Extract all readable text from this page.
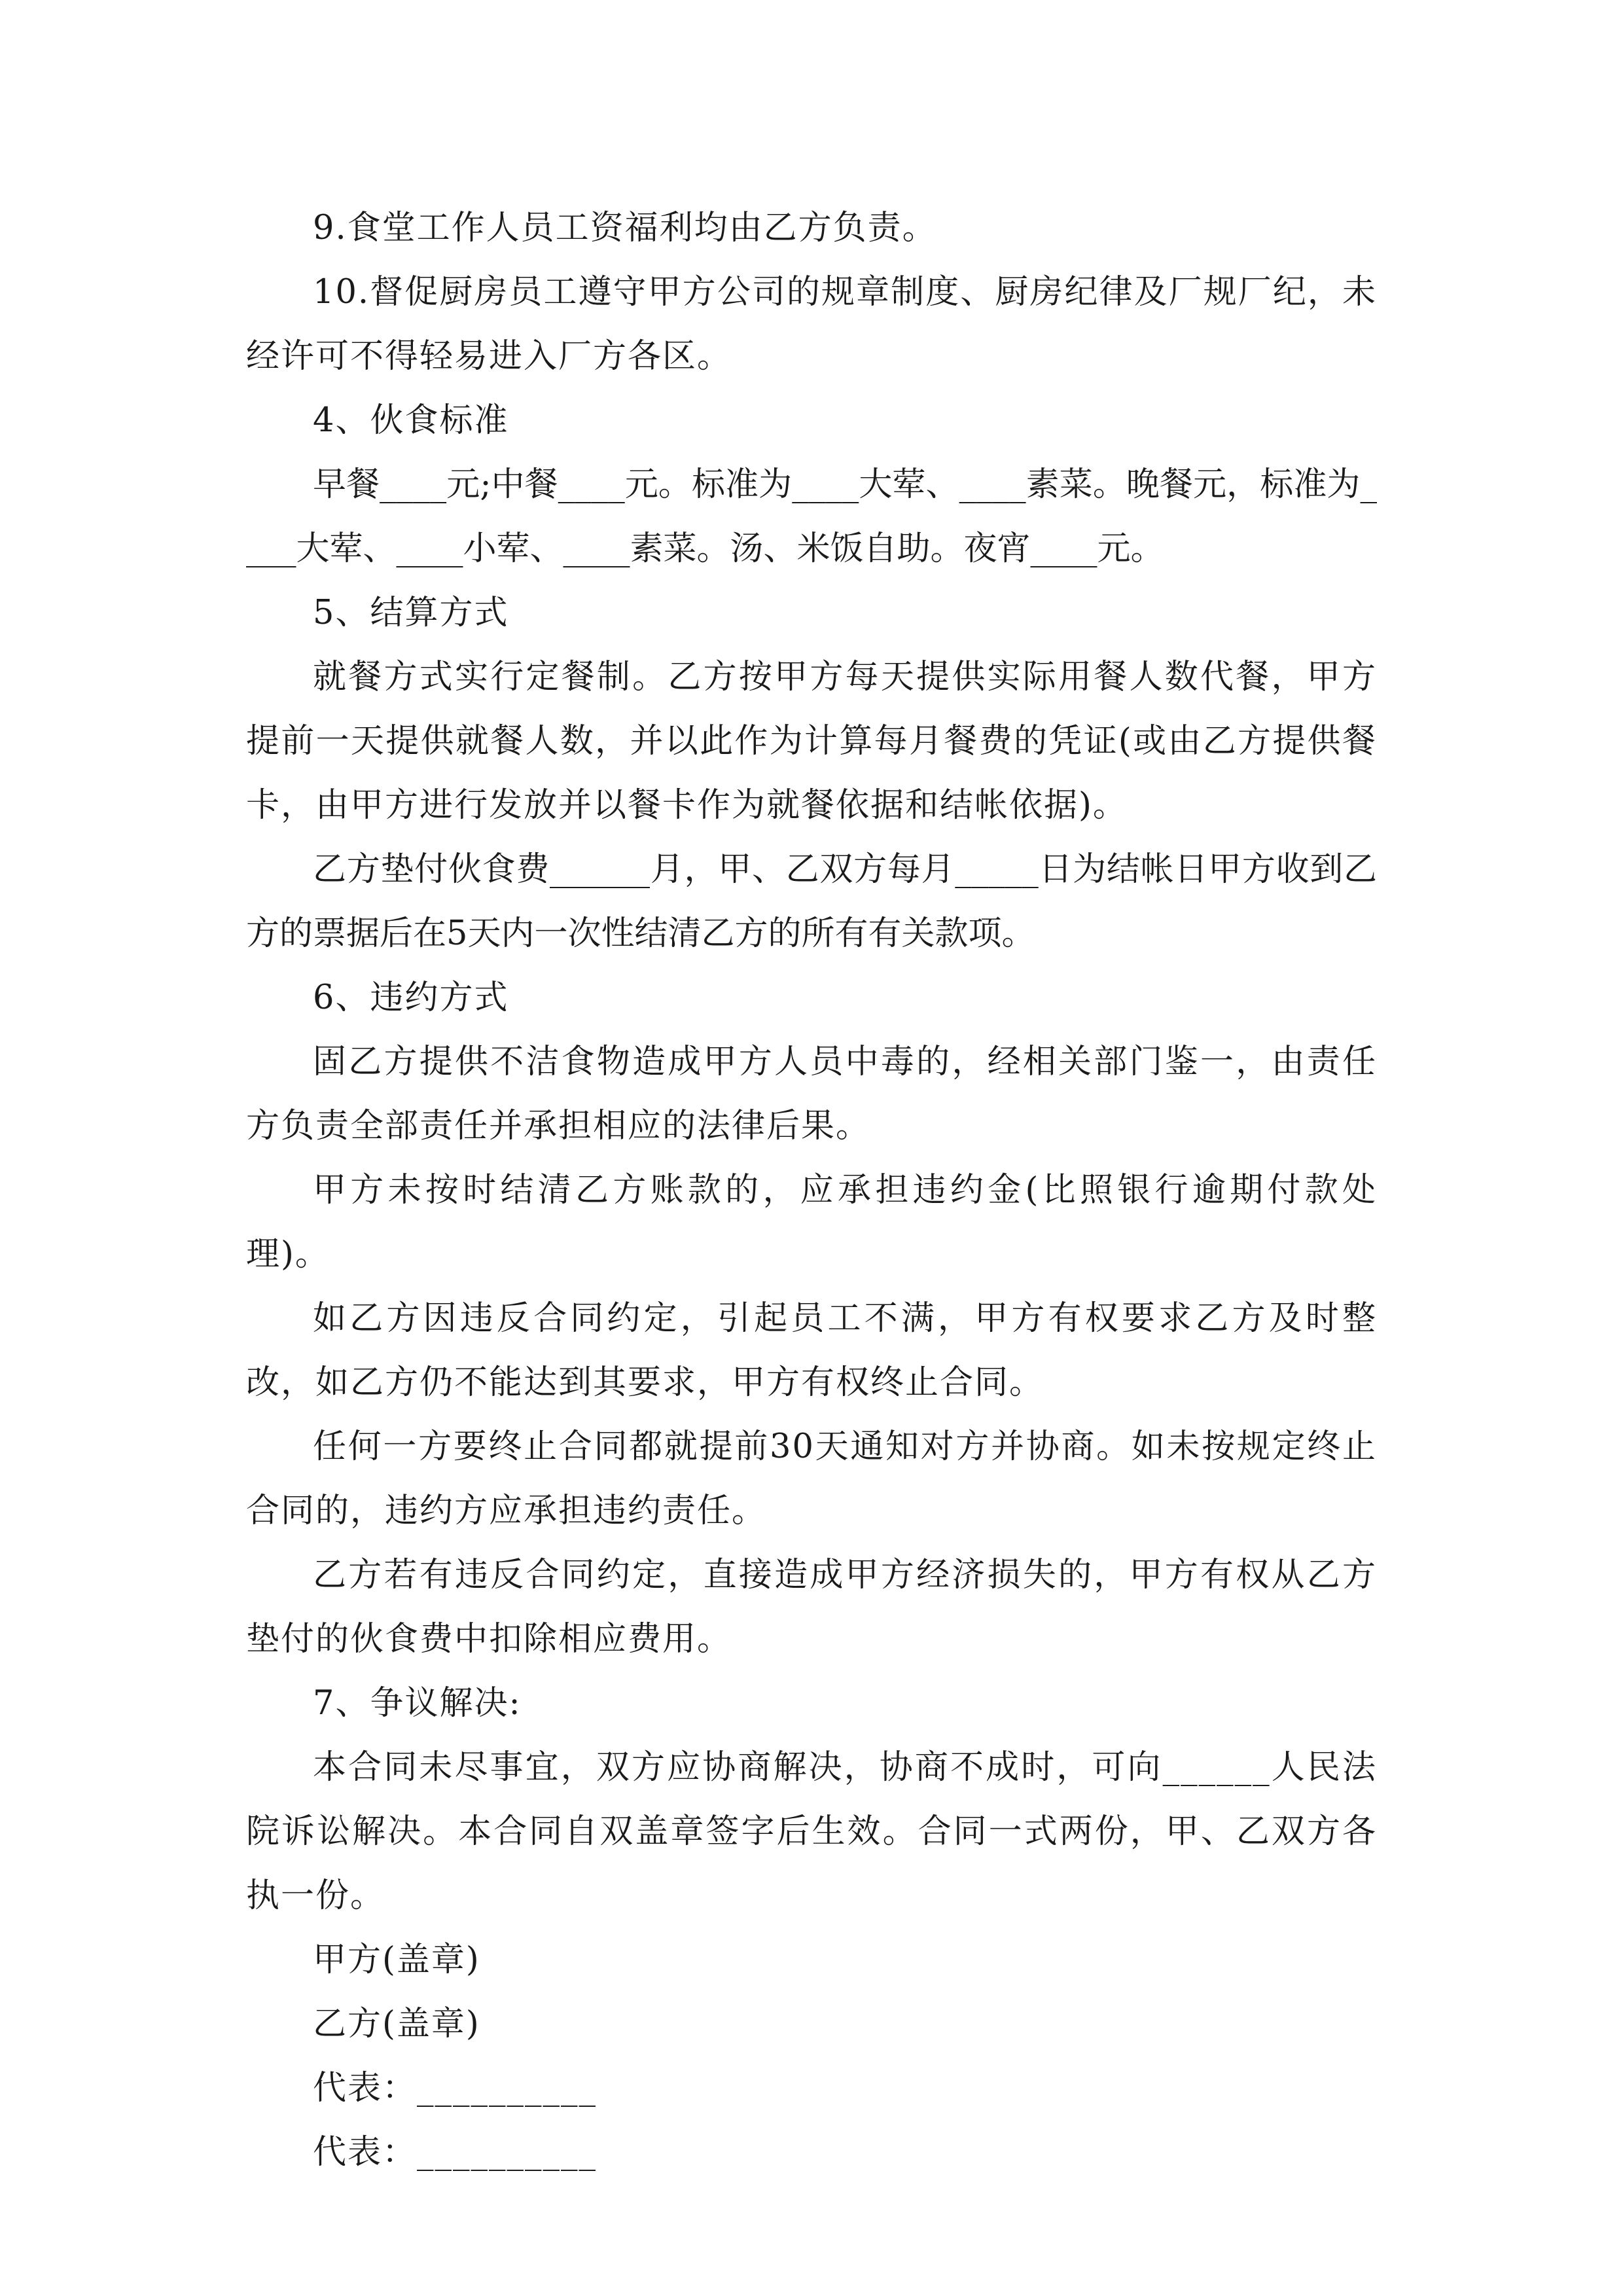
9.食堂工作人员工资福利均由乙方负责。

10.督促厨房员工遵守甲方公司的规章制度、厨房纪律及厂规厂纪，未经许可不得轻易进入厂方各区。

4、伙食标准

早餐____元;中餐____元。标准为____大荤、____素菜。晚餐元，标准为____大荤、____小荤、____素菜。汤、米饭自助。夜宵____元。

5、结算方式

就餐方式实行定餐制。乙方按甲方每天提供实际用餐人数代餐，甲方提前一天提供就餐人数，并以此作为计算每月餐费的凭证(或由乙方提供餐卡，由甲方进行发放并以餐卡作为就餐依据和结帐依据)。

乙方垫付伙食费______月，甲、乙双方每月_____日为结帐日甲方收到乙方的票据后在5天内一次性结清乙方的所有有关款项。

6、违约方式

固乙方提供不洁食物造成甲方人员中毒的，经相关部门鉴一，由责任方负责全部责任并承担相应的法律后果。

甲方未按时结清乙方账款的，应承担违约金(比照银行逾期付款处理)。

如乙方因违反合同约定，引起员工不满，甲方有权要求乙方及时整改，如乙方仍不能达到其要求，甲方有权终止合同。

任何一方要终止合同都就提前30天通知对方并协商。如未按规定终止合同的，违约方应承担违约责任。

乙方若有违反合同约定，直接造成甲方经济损失的，甲方有权从乙方垫付的伙食费中扣除相应费用。

7、争议解决:

本合同未尽事宜，双方应协商解决，协商不成时，可向______人民法院诉讼解决。本合同自双盖章签字后生效。合同一式两份，甲、乙双方各执一份。

甲方(盖章)

乙方(盖章)

代表：__________

代表：__________
